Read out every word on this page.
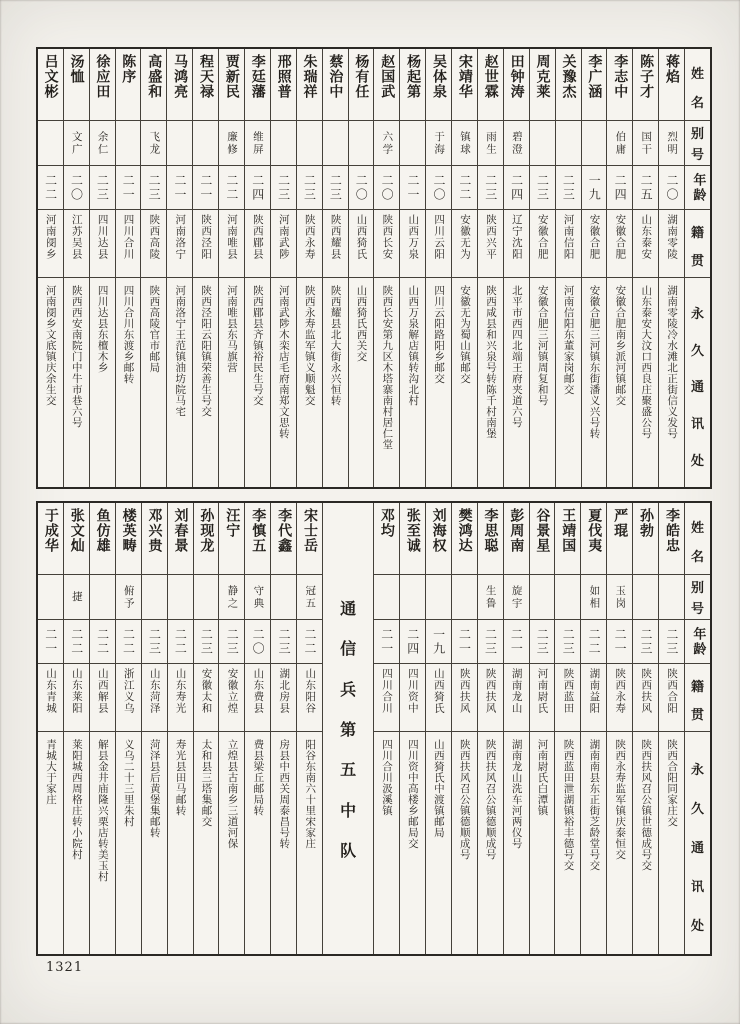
姓
名
别
号
年龄
籍
贯
永
久
通
讯
处
蒋焰
烈明
二〇
湖南零陵
湖南零陵冷水滩北正街信义发号
陈子才
国干
二五
山东泰安
山东泰安大汶口西良庄聚盛公号
李志中
伯庸
二四
安徽合肥
安徽合肥南乡派河镇邮交
李广涵
一九
安徽合肥
安徽合肥三河镇东街潘义兴号转
关豫杰
二三
河南信阳
河南信阳东董家岗邮交
周克莱
二三
安徽合肥
安徽合肥三河镇周复和号
田钟涛
碧澄
二四
辽宁沈阳
北平市西四北端王府夹道六号
赵世霖
雨生
二三
陕西兴平
陕西咸县和兴泉号转陈千村南堡
宋靖华
镇球
二二
安徽无为
安徽无为蜀山镇邮交
吴体泉
于海
二〇
四川云阳
四川云阳路阳乡邮交
杨起第
二一
山西万泉
山西万泉解店镇转沟北村
赵国武
六学
二〇
陕西长安
陕西长安第九区木塔寨南村居仁堂
杨有任
二〇
山西猗氏
山西猗氏西关交
蔡治中
二三
陕西耀县
陕西耀县北大街永兴恒转
朱瑞祥
二三
陕西永寿
陕西永寿监军镇义顺魁交
邢照普
二三
河南武陟
河南武陟木栾店毛府南郑文思转
李廷藩
维屏
二四
陕西郿县
陕西郿县齐镇裕民生号交
贾新民
廉修
二二
河南唯县
河南唯县东马旗营
程天禄
二一
陕西泾阳
陕西泾阳云阳镇荣善生号交
马鸿亮
二一
河南洛宁
河南洛宁王范镇油坊院马宅
高盛和
飞龙
二三
陕西高陵
陕西高陵官市邮局
陈序
二一
四川合川
四川合川东渡乡邮转
徐应田
余仁
二三
四川达县
四川达县东檀木乡
汤恤
文广
二〇
江苏吴县
陕西西安南院门中牛市巷六号
吕文彬
二二
河南阌乡
河南阌乡文底镇庆余生交
姓
名
别
号
年龄
籍
贯
永
久
通
讯
处
李皓忠
二三
陕西合阳
陕西合阳同家庄交
孙勃
二三
陕西扶风
陕西扶风召公镇世德成号交
严琨
玉岗
二一
陕西永寿
陕西永寿监军镇庆泰恒交
夏伐夷
如相
二二
湖南益阳
湖南南县东正街芝龄堂号交
王靖国
二三
陕西蓝田
陕西蓝田泄湖镇裕丰德号交
谷景星
二三
河南尉氏
河南尉氏白潭镇
彭周南
旋宇
二一
湖南龙山
湖南龙山洗车河两仪号
李思聪
生鲁
二三
陕西扶风
陕西扶风召公镇德顺成号
樊鸿达
二一
陕西扶风
陕西扶风召公镇德顺成号
刘海权
一九
山西猗氏
山西猗氏中渡镇邮局
张至诚
二四
四川资中
四川资中高楼乡邮局交
邓均
二一
四川合川
四川合川汲溪镇
通
信
兵
第
五
中
队
宋士岳
冠五
二二
山东阳谷
阳谷东南六十里宋家庄
李代鑫
二三
湖北房县
房县中西关周泰昌号转
李慎五
守典
二〇
山东费县
费县梁丘邮局转
汪宁
静之
二三
安徽立煌
立煌县古南乡三道河保
孙现龙
二三
安徽太和
太和县三塔集邮交
刘春景
二二
山东寿光
寿光县田马邮转
邓兴贵
二三
山东菏泽
菏泽县后黄堡集邮转
楼英畴
俯予
二二
浙江义乌
义乌二十三里朱村
鱼仿雄
二二
山西解县
解县金井庙隆兴栗店转美玉村
张文灿
捷
二二
山东莱阳
莱阳城西周格庄转小院村
于成华
二一
山东青城
青城大于家庄
1321
